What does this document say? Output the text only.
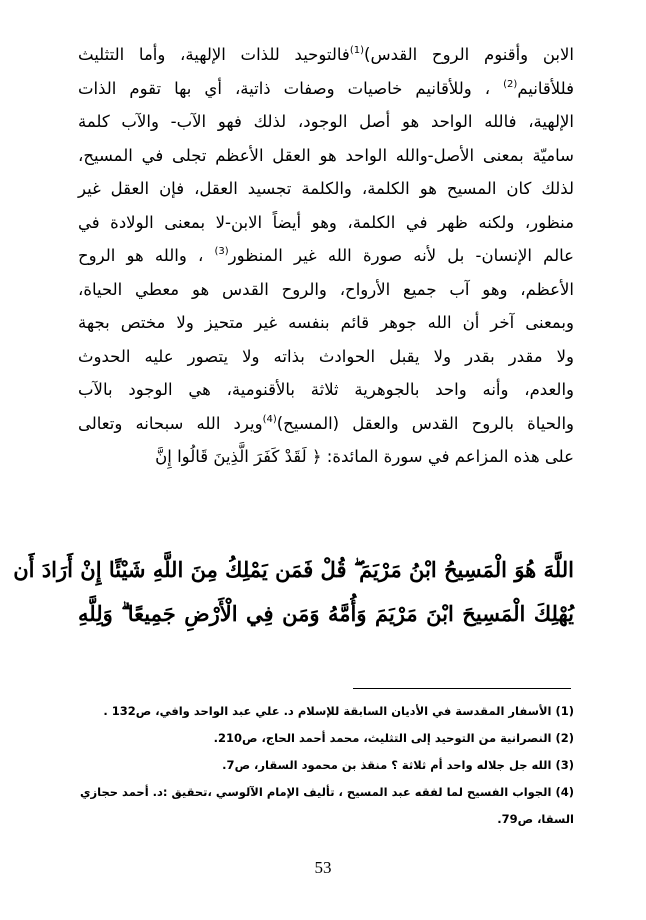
الابن وأقنوم الروح القدس)$^{(1)}$فالتوحيد للذات الإلهية، وأما التثليث
فللأقانيم$^{(2)}$ ، وللأقانيم خاصيات وصفات ذاتية، أي بها تقوم الذات
الإلهية، فالله الواحد هو أصل الوجود، لذلك فهو الآب- والآب كلمة
ساميّة بمعنى الأصل-والله الواحد هو العقل الأعظم تجلى في المسيح،
لذلك كان المسيح هو الكلمة، والكلمة تجسيد العقل، فإن العقل غير
منظور، ولكنه ظهر في الكلمة، وهو أيضاً الابن-لا بمعنى الولادة في
عالم الإنسان- بل لأنه صورة الله غير المنظور$^{(3)}$ ، والله هو الروح
الأعظم، وهو آب جميع الأرواح، والروح القدس هو معطي الحياة،
وبمعنى آخر أن الله جوهر قائم بنفسه غير متحيز ولا مختص بجهة
ولا مقدر بقدر ولا يقبل الحوادث بذاته ولا يتصور عليه الحدوث
والعدم، وأنه واحد بالجوهرية ثلاثة بالأقنومية، هي الوجود بالآب
والحياة بالروح القدس والعقل (المسيح)$^{(4)}$ويرد الله سبحانه وتعالى
على هذه المزاعم في سورة المائدة: ﴿ لَقَدْ كَفَرَ الَّذِينَ قَالُوا إِنَّ
اللَّهَ هُوَ الْمَسِيحُ ابْنُ مَرْيَمَ ۖ قُلْ فَمَن يَمْلِكُ مِنَ اللَّهِ شَيْئًا إِنْ أَرَادَ أَن
يُهْلِكَ الْمَسِيحَ ابْنَ مَرْيَمَ وَأُمَّهُ وَمَن فِي الْأَرْضِ جَمِيعًا ۗ وَلِلَّهِ
(1) الأسفار المقدسة في الأديان السابقة للإسلام د. علي عبد الواحد وافي، ص132 .
(2) النصرانية من التوحيد إلى التثليث، محمد أحمد الحاج، ص210.
(3) الله جل جلاله واحد أم ثلاثة ؟ منقذ بن محمود السقار، ص7.
(4) الجواب الفسيح لما لفقه عبد المسيح ، تأليف الإمام الآلوسي ،تحقيق :د. أحمد حجازي
السقا، ص79.
53
